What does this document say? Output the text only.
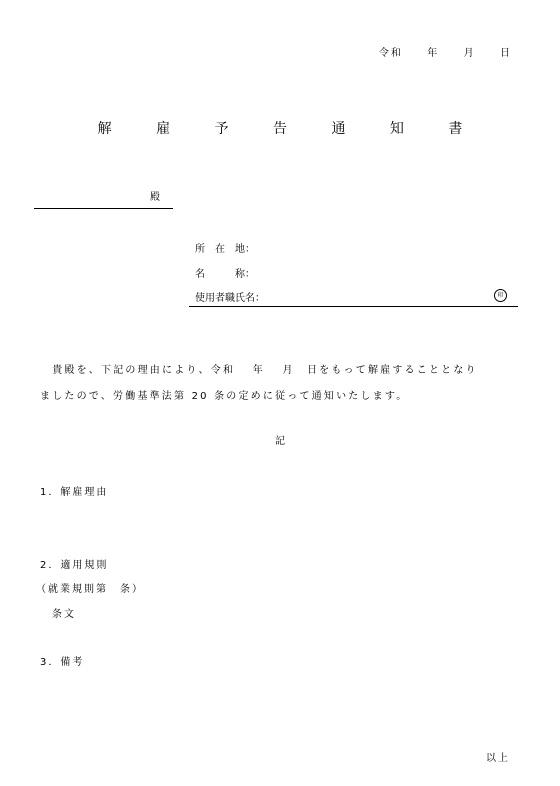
令和 年 月 日
解 雇 予 告 通 知 書
殿
所　在　地：
名　　　称：
使用者職氏名：	印

　貴殿を、下記の理由により、令和　 年　 月　日をもって解雇することとなり

ましたので、労働基準法第 20 条の定めに従って通知いたします。

記
1．解雇理由
2．適用規則
（就業規則第　条）
条文
3．備考
以上
